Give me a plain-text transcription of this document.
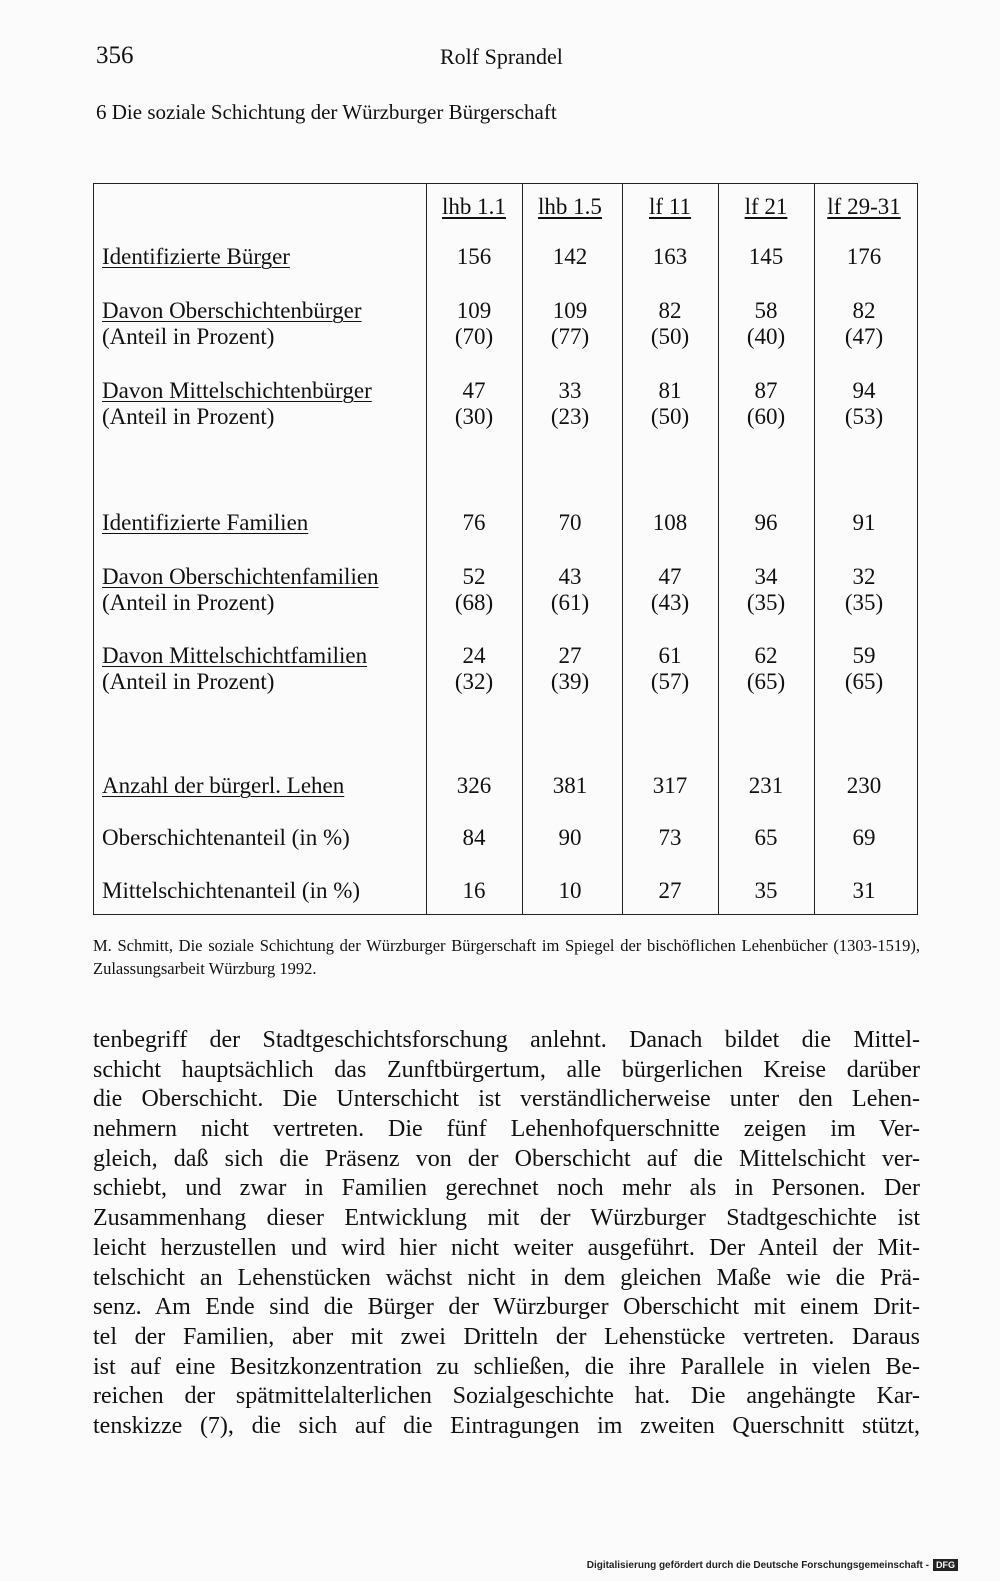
356	Rolf Sprandel
6 Die soziale Schichtung der Würzburger Bürgerschaft
lhb 1.1	lhb 1.5	lf 11	lf 21	lf 29-31
Identifizierte Bürger	156	142	163	145	176
Davon Oberschichtenbürger	109	109	82	58	82
(Anteil in Prozent)	(70)	(77)	(50)	(40)	(47)
Davon Mittelschichtenbürger	47	33	81	87	94
(Anteil in Prozent)	(30)	(23)	(50)	(60)	(53)
Identifizierte Familien	76	70	108	96	91
Davon Oberschichtenfamilien	52	43	47	34	32
(Anteil in Prozent)	(68)	(61)	(43)	(35)	(35)
Davon Mittelschichtfamilien	24	27	61	62	59
(Anteil in Prozent)	(32)	(39)	(57)	(65)	(65)
Anzahl der bürgerl. Lehen	326	381	317	231	230
Oberschichtenanteil (in %)	84	90	73	65	69
Mittelschichtenanteil (in %)	16	10	27	35	31
M. Schmitt, Die soziale Schichtung der Würzburger Bürgerschaft im Spiegel der bischöflichen Lehenbücher (1303-1519), Zulassungsarbeit Würzburg 1992.
tenbegriff der Stadtgeschichtsforschung anlehnt. Danach bildet die Mittel-
schicht hauptsächlich das Zunftbürgertum, alle bürgerlichen Kreise darüber
die Oberschicht. Die Unterschicht ist verständlicherweise unter den Lehen-
nehmern nicht vertreten. Die fünf Lehenhofquerschnitte zeigen im Ver-
gleich, daß sich die Präsenz von der Oberschicht auf die Mittelschicht ver-
schiebt, und zwar in Familien gerechnet noch mehr als in Personen. Der
Zusammenhang dieser Entwicklung mit der Würzburger Stadtgeschichte ist
leicht herzustellen und wird hier nicht weiter ausgeführt. Der Anteil der Mit-
telschicht an Lehenstücken wächst nicht in dem gleichen Maße wie die Prä-
senz. Am Ende sind die Bürger der Würzburger Oberschicht mit einem Drit-
tel der Familien, aber mit zwei Dritteln der Lehenstücke vertreten. Daraus
ist auf eine Besitzkonzentration zu schließen, die ihre Parallele in vielen Be-
reichen der spätmittelalterlichen Sozialgeschichte hat. Die angehängte Kar-
tenskizze (7), die sich auf die Eintragungen im zweiten Querschnitt stützt,
Digitalisierung gefördert durch die Deutsche Forschungsgemeinschaft - DFG
